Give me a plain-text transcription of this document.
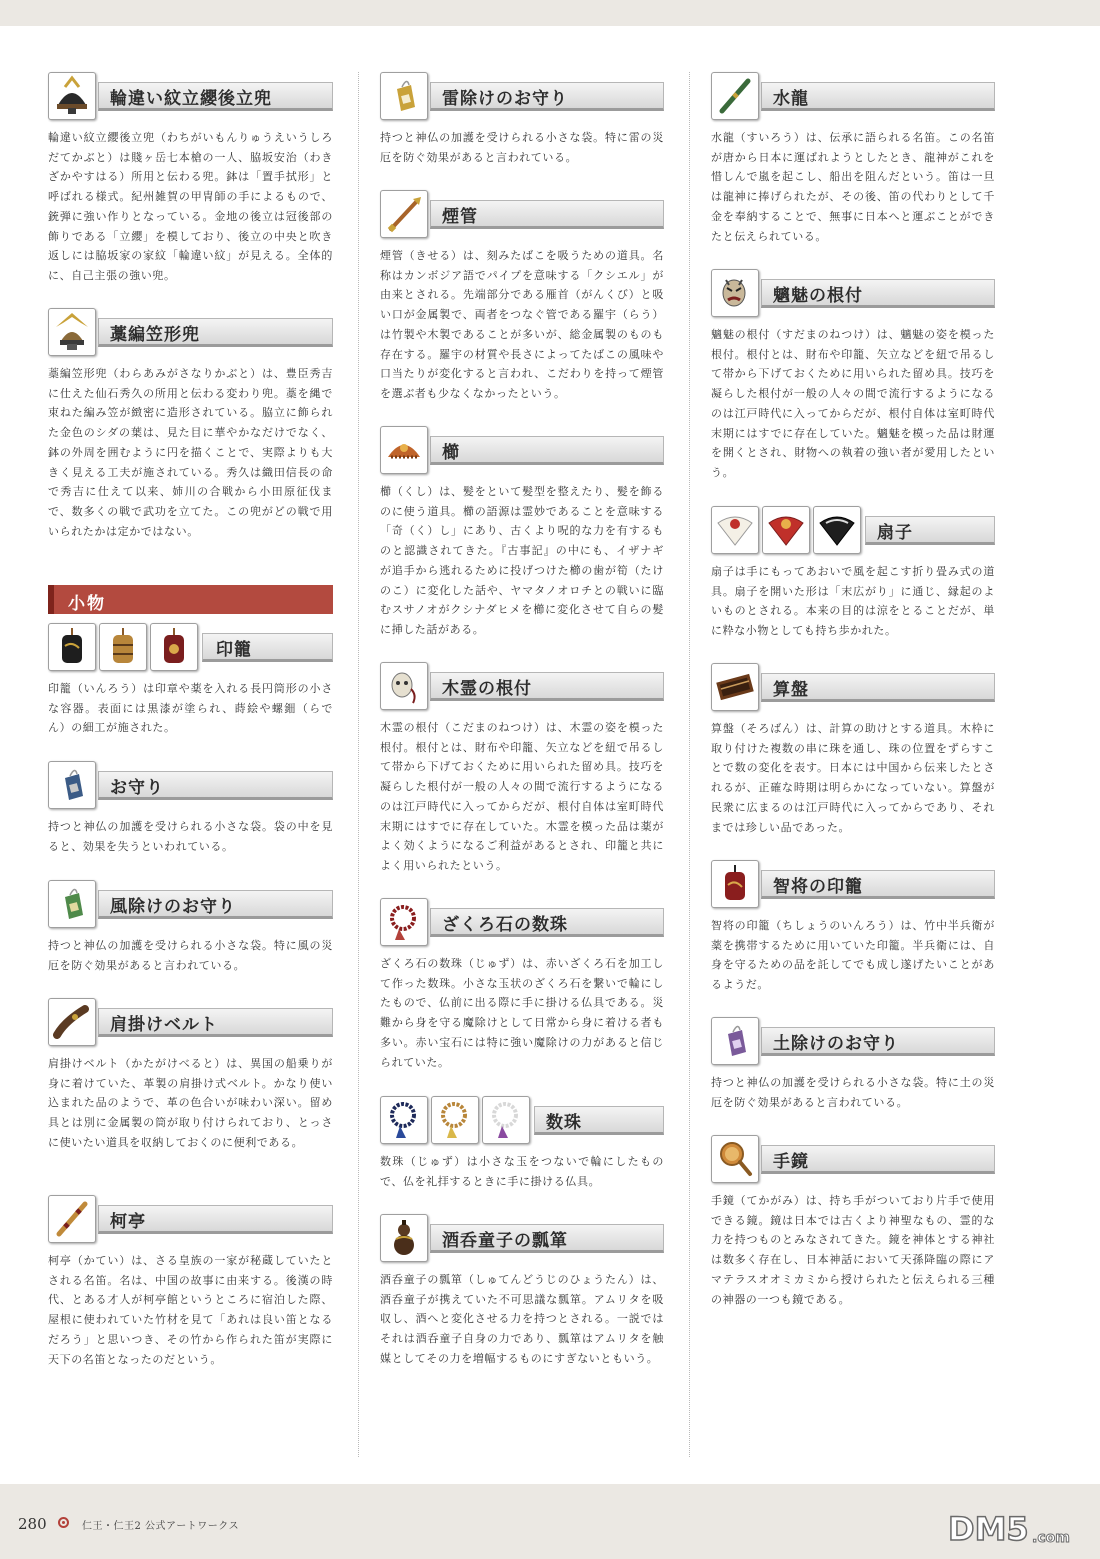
輪違い紋立纓後立兜
輪違い紋立纓後立兜（わちがいもんりゅうえいうしろだてかぶと）は賤ヶ岳七本槍の一人、脇坂安治（わきざかやすはる）所用と伝わる兜。鉢は「置手拭形」と呼ばれる様式。紀州雑賀の甲冑師の手によるもので、銃弾に強い作りとなっている。金地の後立は冠後部の飾りである「立纓」を模しており、後立の中央と吹き返しには脇坂家の家紋「輪違い紋」が見える。全体的に、自己主張の強い兜。
藁編笠形兜
藁編笠形兜（わらあみがさなりかぶと）は、豊臣秀吉に仕えた仙石秀久の所用と伝わる変わり兜。藁を縄で束ねた編み笠が緻密に造形されている。脇立に飾られた金色のシダの葉は、見た目に華やかなだけでなく、鉢の外周を囲むように円を描くことで、実際よりも大きく見える工夫が施されている。秀久は織田信長の命で秀吉に仕えて以来、姉川の合戦から小田原征伐まで、数多くの戦で武功を立てた。この兜がどの戦で用いられたかは定かではない。
小物
印籠
印籠（いんろう）は印章や薬を入れる長円筒形の小さな容器。表面には黒漆が塗られ、蒔絵や螺鈿（らでん）の細工が施された。
お守り
持つと神仏の加護を受けられる小さな袋。袋の中を見ると、効果を失うといわれている。
風除けのお守り
持つと神仏の加護を受けられる小さな袋。特に風の災厄を防ぐ効果があると言われている。
肩掛けベルト
肩掛けベルト（かたがけべると）は、異国の船乗りが身に着けていた、革製の肩掛け式ベルト。かなり使い込まれた品のようで、革の色合いが味わい深い。留め具とは別に金属製の筒が取り付けられており、とっさに使いたい道具を収納しておくのに便利である。
柯亭
柯亭（かてい）は、さる皇族の一家が秘蔵していたとされる名笛。名は、中国の故事に由来する。後漢の時代、とある才人が柯亭館というところに宿泊した際、屋根に使われていた竹材を見て「あれは良い笛となるだろう」と思いつき、その竹から作られた笛が実際に天下の名笛となったのだという。
雷除けのお守り
持つと神仏の加護を受けられる小さな袋。特に雷の災厄を防ぐ効果があると言われている。
煙管
煙管（きせる）は、刻みたばこを吸うための道具。名称はカンボジア語でパイプを意味する「クシエル」が由来とされる。先端部分である雁首（がんくび）と吸い口が金属製で、両者をつなぐ管である羅宇（らう）は竹製や木製であることが多いが、総金属製のものも存在する。羅宇の材質や長さによってたばこの風味や口当たりが変化すると言われ、こだわりを持って煙管を選ぶ者も少なくなかったという。
櫛
櫛（くし）は、髪をといて髪型を整えたり、髪を飾るのに使う道具。櫛の語源は霊妙であることを意味する「奇（く）し」にあり、古くより呪的な力を有するものと認識されてきた。『古事記』の中にも、イザナギが追手から逃れるために投げつけた櫛の歯が筍（たけのこ）に変化した話や、ヤマタノオロチとの戦いに臨むスサノオがクシナダヒメを櫛に変化させて自らの髪に挿した話がある。
木霊の根付
木霊の根付（こだまのねつけ）は、木霊の姿を模った根付。根付とは、財布や印籠、矢立などを紐で吊るして帯から下げておくために用いられた留め具。技巧を凝らした根付が一般の人々の間で流行するようになるのは江戸時代に入ってからだが、根付自体は室町時代末期にはすでに存在していた。木霊を模った品は薬がよく効くようになるご利益があるとされ、印籠と共によく用いられたという。
ざくろ石の数珠
ざくろ石の数珠（じゅず）は、赤いざくろ石を加工して作った数珠。小さな玉状のざくろ石を繋いで輪にしたもので、仏前に出る際に手に掛ける仏具である。災難から身を守る魔除けとして日常から身に着ける者も多い。赤い宝石には特に強い魔除けの力があると信じられていた。
数珠
数珠（じゅず）は小さな玉をつないで輪にしたもので、仏を礼拝するときに手に掛ける仏具。
酒呑童子の瓢箪
酒呑童子の瓢箪（しゅてんどうじのひょうたん）は、酒呑童子が携えていた不可思議な瓢箪。アムリタを吸収し、酒へと変化させる力を持つとされる。一説ではそれは酒呑童子自身の力であり、瓢箪はアムリタを触媒としてその力を増幅するものにすぎないともいう。
水龍
水龍（すいろう）は、伝承に語られる名笛。この名笛が唐から日本に運ばれようとしたとき、龍神がこれを惜しんで嵐を起こし、船出を阻んだという。笛は一旦は龍神に捧げられたが、その後、笛の代わりとして千金を奉納することで、無事に日本へと運ぶことができたと伝えられている。
魑魅の根付
魑魅の根付（すだまのねつけ）は、魑魅の姿を模った根付。根付とは、財布や印籠、矢立などを紐で吊るして帯から下げておくために用いられた留め具。技巧を凝らした根付が一般の人々の間で流行するようになるのは江戸時代に入ってからだが、根付自体は室町時代末期にはすでに存在していた。魑魅を模った品は財運を開くとされ、財物への執着の強い者が愛用したという。
扇子
扇子は手にもってあおいで風を起こす折り畳み式の道具。扇子を開いた形は「末広がり」に通じ、縁起のよいものとされる。本来の目的は涼をとることだが、単に粋な小物としても持ち歩かれた。
算盤
算盤（そろばん）は、計算の助けとする道具。木枠に取り付けた複数の串に珠を通し、珠の位置をずらすことで数の変化を表す。日本には中国から伝来したとされるが、正確な時期は明らかになっていない。算盤が民衆に広まるのは江戸時代に入ってからであり、それまでは珍しい品であった。
智将の印籠
智将の印籠（ちしょうのいんろう）は、竹中半兵衛が薬を携帯するために用いていた印籠。半兵衛には、自身を守るための品を託してでも成し遂げたいことがあるようだ。
土除けのお守り
持つと神仏の加護を受けられる小さな袋。特に土の災厄を防ぐ効果があると言われている。
手鏡
手鏡（てかがみ）は、持ち手がついており片手で使用できる鏡。鏡は日本では古くより神聖なもの、霊的な力を持つものとみなされてきた。鏡を神体とする神社は数多く存在し、日本神話において天孫降臨の際にアマテラスオオミカミから授けられたと伝えられる三種の神器の一つも鏡である。
280	仁王・仁王2 公式アートワークス	DM5 .com
